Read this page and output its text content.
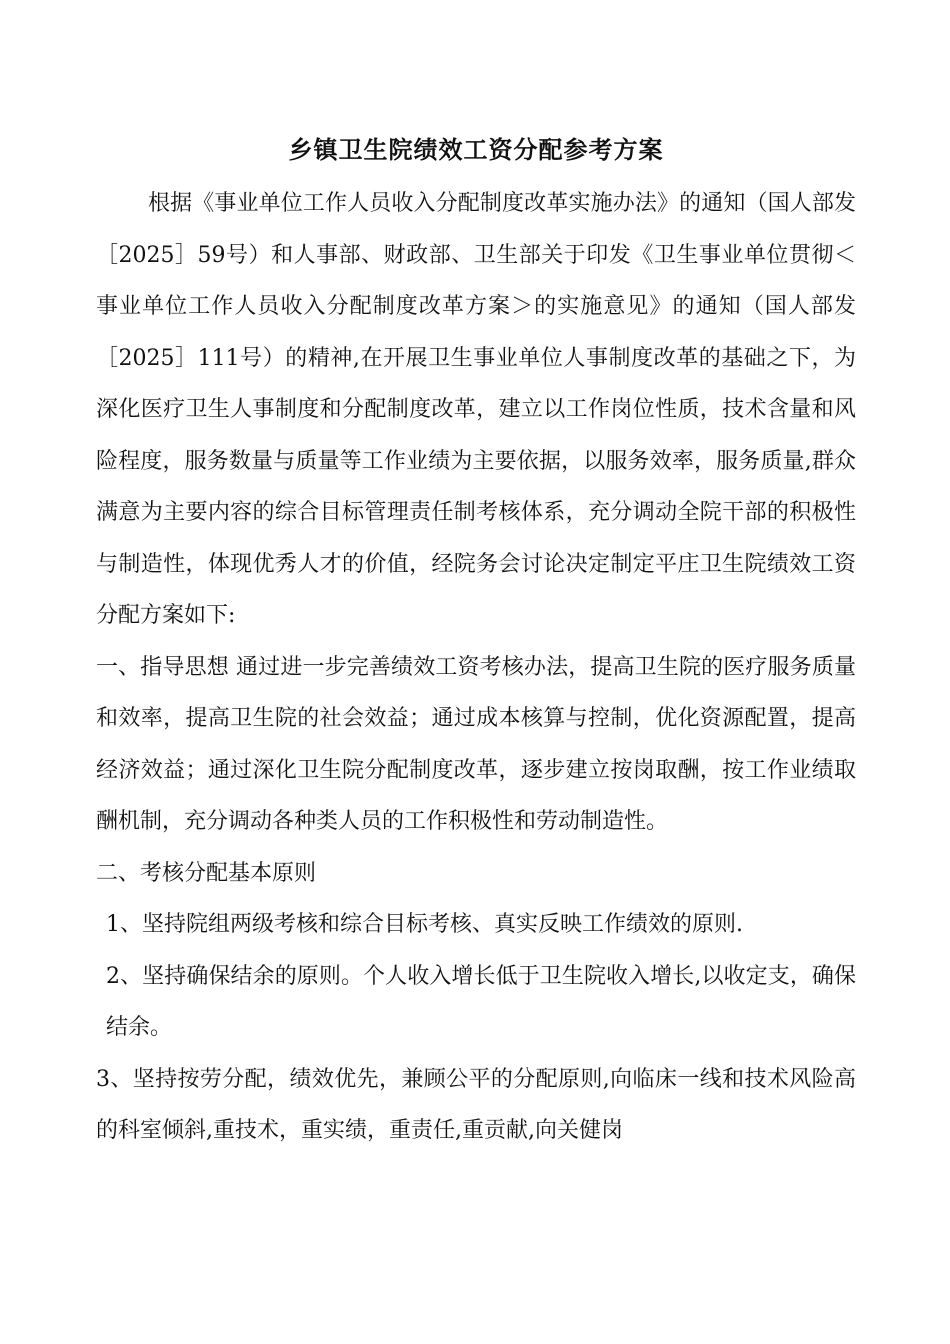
乡镇卫生院绩效工资分配参考方案

根据《事业单位工作人员收入分配制度改革实施办法》的通知（国人部发［2025］59号）和人事部、财政部、卫生部关于印发《卫生事业单位贯彻＜事业单位工作人员收入分配制度改革方案＞的实施意见》的通知（国人部发［2025］111号）的精神,在开展卫生事业单位人事制度改革的基础之下，为深化医疗卫生人事制度和分配制度改革，建立以工作岗位性质，技术含量和风险程度，服务数量与质量等工作业绩为主要依据，以服务效率，服务质量,群众满意为主要内容的综合目标管理责任制考核体系，充分调动全院干部的积极性与制造性，体现优秀人才的价值，经院务会讨论决定制定平庄卫生院绩效工资分配方案如下:

一、指导思想 通过进一步完善绩效工资考核办法，提高卫生院的医疗服务质量和效率，提高卫生院的社会效益；通过成本核算与控制，优化资源配置，提高经济效益；通过深化卫生院分配制度改革，逐步建立按岗取酬，按工作业绩取酬机制，充分调动各种类人员的工作积极性和劳动制造性。

二、考核分配基本原则

1、坚持院组两级考核和综合目标考核、真实反映工作绩效的原则.

2、坚持确保结余的原则。个人收入增长低于卫生院收入增长,以收定支，确保结余。

3、坚持按劳分配，绩效优先，兼顾公平的分配原则,向临床一线和技术风险高的科室倾斜,重技术，重实绩，重责任,重贡献,向关健岗
